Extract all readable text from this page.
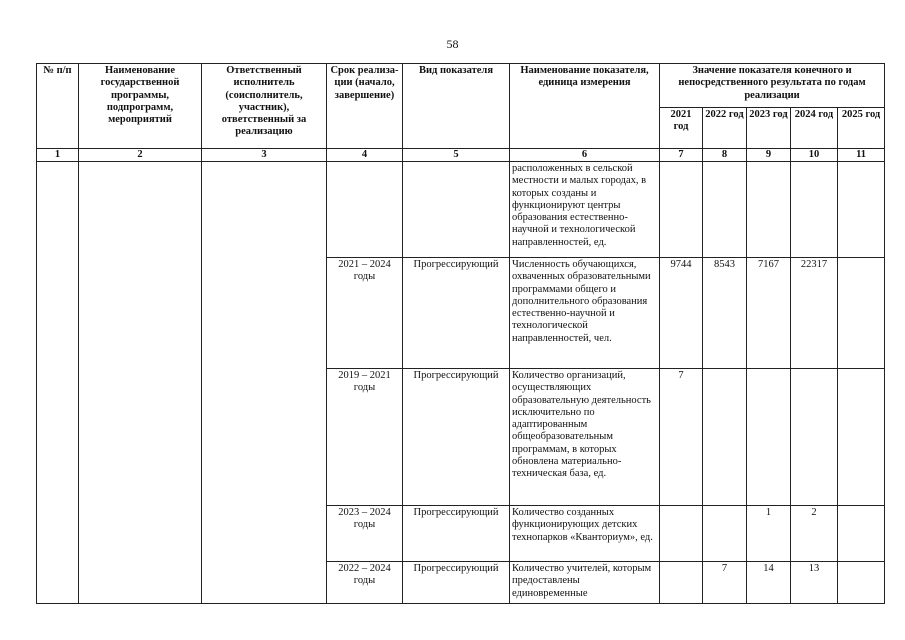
58
№ п/п	Наименование государственной программы, подпрограмм, мероприятий	Ответственный исполнитель (соисполнитель, участник), ответственный за реализацию	Срок реализа-ции (начало, завершение)	Вид показателя	Наименование показателя, единица измерения	Значение показателя конечного и непосредственного результата по годам реализации				
						2021 год	2022 год	2023 год	2024 год	2025 год
1	2	3	4	5	6	7	8	9	10	11
					расположенных в сельской местности и малых городах, в которых созданы и функционируют центры образования естественно-научной и технологической направленностей, ед.					
			2021 – 2024 годы	Прогрессирующий	Численность обучающихся, охваченных образовательными программами общего и дополнительного образования естественно-научной и технологической направленностей, чел.	9744	8543	7167	22317	
			2019 – 2021 годы	Прогрессирующий	Количество организаций, осуществляющих образовательную деятельность исключительно по адаптированным общеобразовательным программам, в которых обновлена материально-техническая база, ед.	7				
			2023 – 2024 годы	Прогрессирующий	Количество созданных функционирующих детских технопарков «Кванториум», ед.			1	2	
			2022 – 2024 годы	Прогрессирующий	Количество учителей, которым предоставлены единовременные		7	14	13	
